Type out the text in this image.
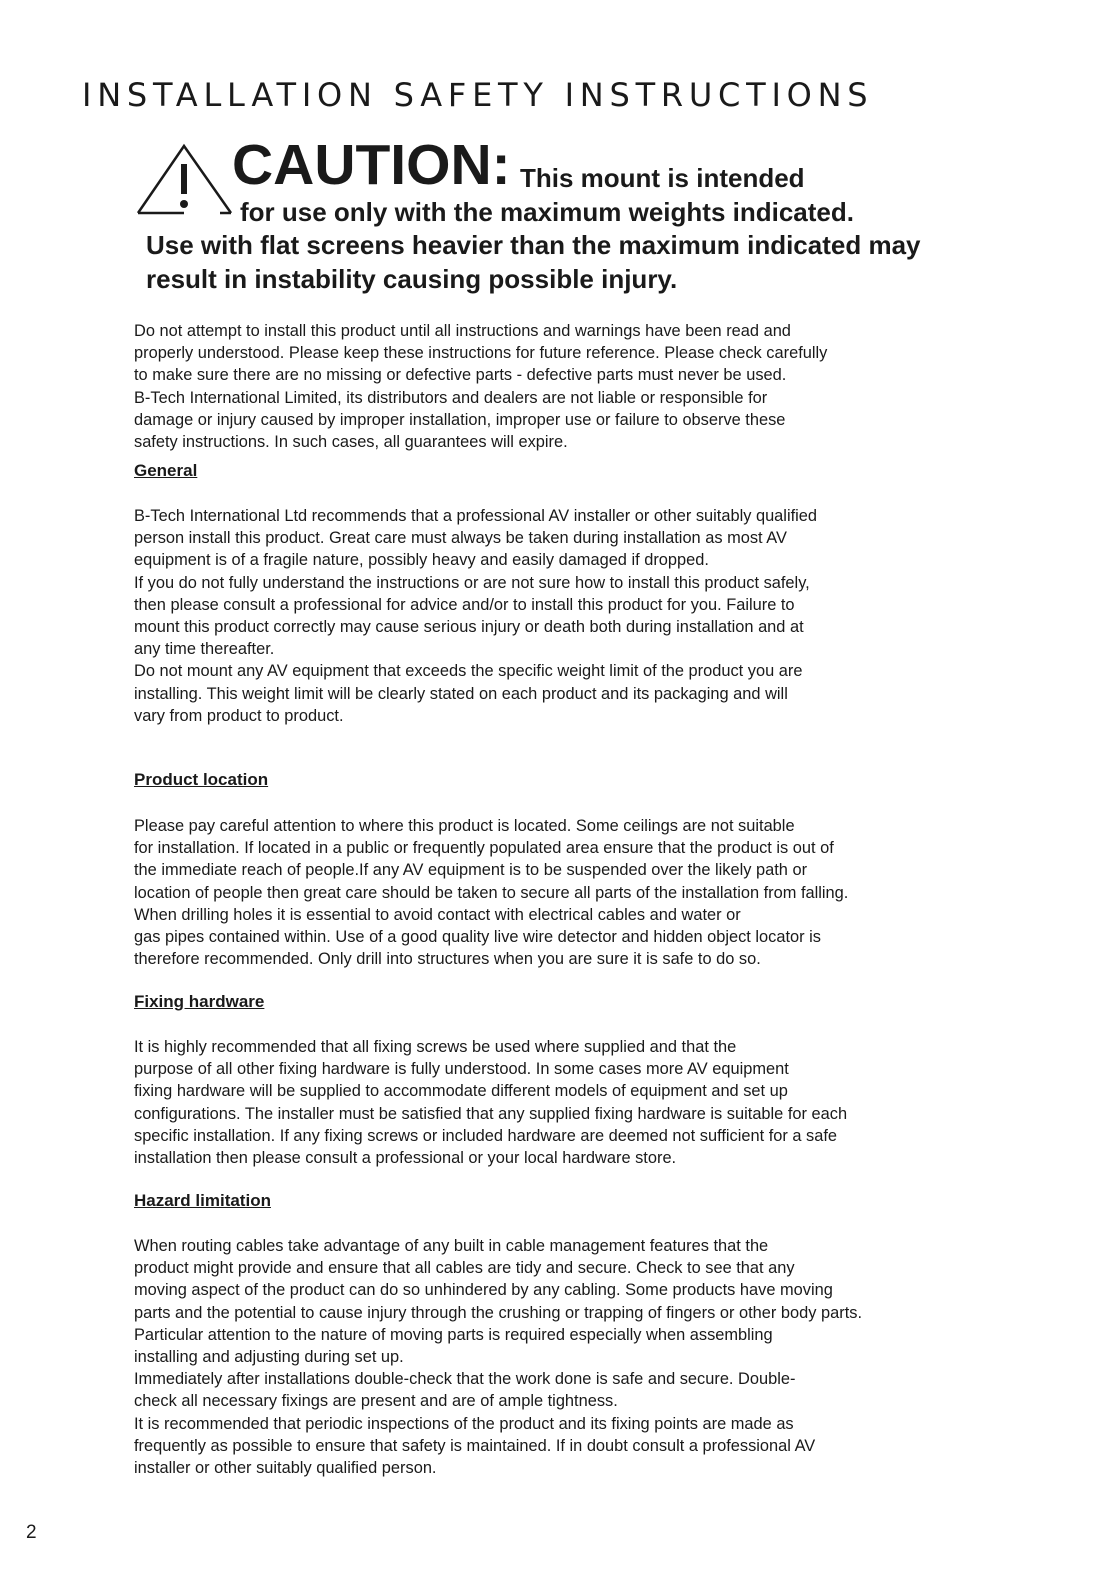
INSTALLATION SAFETY INSTRUCTIONS
CAUTION: This mount is intended
for use only with the maximum weights indicated.
Use with flat screens heavier than the maximum indicated may
result in instability causing possible injury.
Do not attempt to install this product until all instructions and warnings have been read and
properly understood. Please keep these instructions for future reference. Please check carefully
to make sure there are no missing or defective parts - defective parts must never be used.
B-Tech International Limited, its distributors and dealers are not liable or responsible for
damage or injury caused by improper installation, improper use or failure to observe these
safety instructions. In such cases, all guarantees will expire.
General
B-Tech International Ltd recommends that a professional AV installer or other suitably qualified
person install this product. Great care must always be taken during installation as most AV
equipment is of a fragile nature, possibly heavy and easily damaged if dropped.
If you do not fully understand the instructions or are not sure how to install this product safely,
then please consult a professional for advice and/or to install this product for you. Failure to
mount this product correctly may cause serious injury or death both during installation and at
any time thereafter.
Do not mount any AV equipment that exceeds the specific weight limit of the product you are
installing. This weight limit will be clearly stated on each product and its packaging and will
vary from product to product.
Product location
Please pay careful attention to where this product is located. Some ceilings are not suitable
for installation. If located in a public or frequently populated area ensure that the product is out of
the immediate reach of people.If any AV equipment is to be suspended over the likely path or
location of people then great care should be taken to secure all parts of the installation from falling.
When drilling holes it is essential to avoid contact with electrical cables and water or
gas pipes contained within. Use of a good quality live wire detector and hidden object locator is
therefore recommended. Only drill into structures when you are sure it is safe to do so.
Fixing hardware
It is highly recommended that all fixing screws be used where supplied and that the
purpose of all other fixing hardware is fully understood. In some cases more AV equipment
fixing hardware will be supplied to accommodate different models of equipment and set up
configurations. The installer must be satisfied that any supplied fixing hardware is suitable for each
specific installation. If any fixing screws or included hardware are deemed not sufficient for a safe
installation then please consult a professional or your local hardware store.
Hazard limitation
When routing cables take advantage of any built in cable management features that the
product might provide and ensure that all cables are tidy and secure. Check to see that any
moving aspect of the product can do so unhindered by any cabling. Some products have moving
parts and the potential to cause injury through the crushing or trapping of fingers or other body parts.
Particular attention to the nature of moving parts is required especially when assembling
installing and adjusting during set up.
Immediately after installations double-check that the work done is safe and secure. Double-
check all necessary fixings are present and are of ample tightness.
It is recommended that periodic inspections of the product and its fixing points are made as
frequently as possible to ensure that safety is maintained. If in doubt consult a professional AV
installer or other suitably qualified person.
2
